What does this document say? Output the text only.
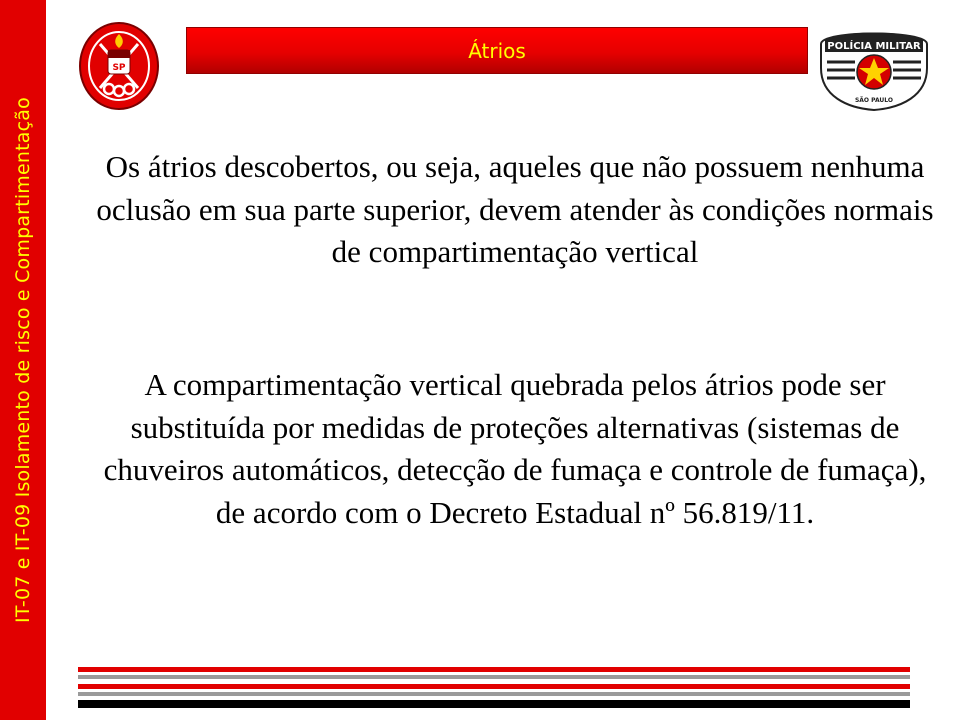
IT-07 e IT-09 Isolamento de risco e Compartimentação
Átrios
SP
POLÍCIA MILITAR
SÃO PAULO

Os átrios descobertos, ou seja, aqueles que não possuem nenhuma oclusão em sua parte superior, devem atender às condições normais de compartimentação vertical

A compartimentação vertical quebrada pelos átrios pode ser substituída por medidas de proteções alternativas (sistemas de chuveiros automáticos, detecção de fumaça e controle de fumaça), de acordo com o Decreto Estadual nº 56.819/11.
